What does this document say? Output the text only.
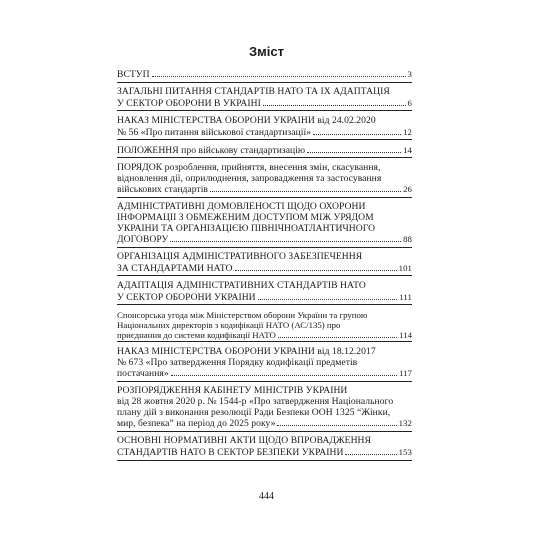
Зміст
ВСТУП	3
ЗАГАЛЬНІ ПИТАННЯ СТАНДАРТІВ НАТО ТА ЇХ АДАПТАЦІЯ
У СЕКТОР ОБОРОНИ В УКРАЇНІ	6
НАКАЗ МІНІСТЕРСТВА ОБОРОНИ УКРАЇНИ від 24.02.2020
№ 56 «Про питання військової стандартизації»	12
ПОЛОЖЕННЯ про військову стандартизацію	14
ПОРЯДОК розроблення, прийняття, внесення змін, скасування,
відновлення дії, оприлюднення, запровадження та застосування
військових стандартів	26
АДМІНІСТРАТИВНІ ДОМОВЛЕНОСТІ ЩОДО ОХОРОНИ
ІНФОРМАЦІЇ З ОБМЕЖЕНИМ ДОСТУПОМ МІЖ УРЯДОМ
УКРАЇНИ ТА ОРГАНІЗАЦІЄЮ ПІВНІЧНОАТЛАНТИЧНОГО
ДОГОВОРУ	88
ОРГАНІЗАЦІЯ АДМІНІСТРАТИВНОГО ЗАБЕЗПЕЧЕННЯ
ЗА СТАНДАРТАМИ НАТО	101
АДАПТАЦІЯ АДМІНІСТРАТИВНИХ СТАНДАРТІВ НАТО
У СЕКТОР ОБОРОНИ УКРАЇНИ	111
Спонсорська угода між Міністерством оборони України та групою
Національних директорів з кодифікації НАТО (АС/135) про
приєднання до системи кодифікації НАТО	114
НАКАЗ МІНІСТЕРСТВА ОБОРОНИ УКРАЇНИ від 18.12.2017
№ 673 «Про затвердження Порядку кодифікації предметів
постачання»	117
РОЗПОРЯДЖЕННЯ КАБІНЕТУ МІНІСТРІВ УКРАЇНИ
від 28 жовтня 2020 р. № 1544-р «Про затвердження Національного
плану дій з виконання резолюції Ради Безпеки ООН 1325 “Жінки,
мир, безпека” на період до 2025 року»	132
ОСНОВНІ НОРМАТИВНІ АКТИ ЩОДО ВПРОВАДЖЕННЯ
СТАНДАРТІВ НАТО В СЕКТОР БЕЗПЕКИ УКРАЇНИ	153
444
